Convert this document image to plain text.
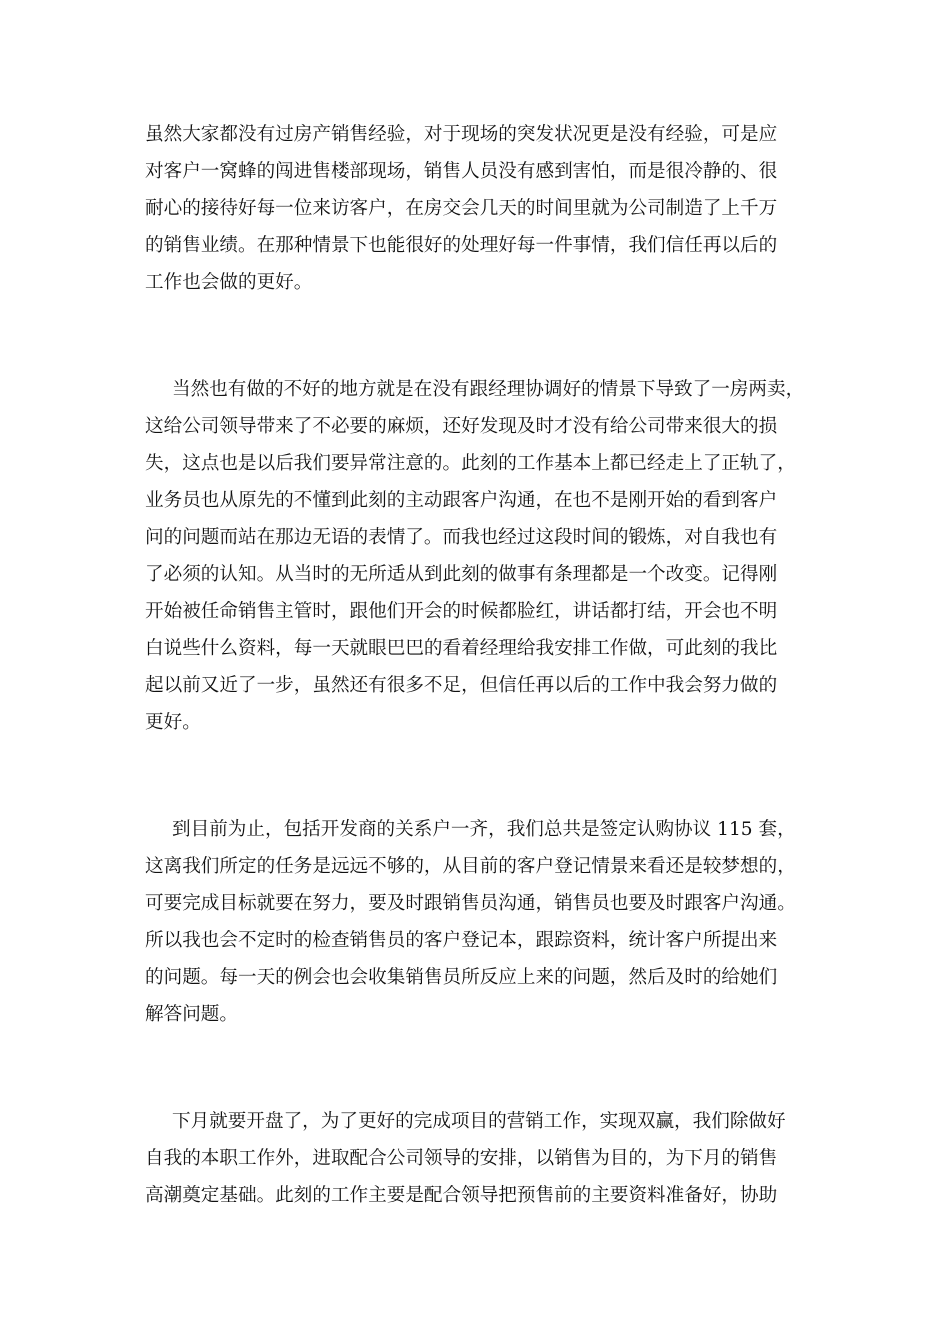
虽然大家都没有过房产销售经验，对于现场的突发状况更是没有经验，可是应

对客户一窝蜂的闯进售楼部现场，销售人员没有感到害怕，而是很冷静的、很

耐心的接待好每一位来访客户，在房交会几天的时间里就为公司制造了上千万

的销售业绩。在那种情景下也能很好的处理好每一件事情，我们信任再以后的

工作也会做的更好。

当然也有做的不好的地方就是在没有跟经理协调好的情景下导致了一房两卖，

这给公司领导带来了不必要的麻烦，还好发现及时才没有给公司带来很大的损

失，这点也是以后我们要异常注意的。此刻的工作基本上都已经走上了正轨了，

业务员也从原先的不懂到此刻的主动跟客户沟通，在也不是刚开始的看到客户

问的问题而站在那边无语的表情了。而我也经过这段时间的锻炼，对自我也有

了必须的认知。从当时的无所适从到此刻的做事有条理都是一个改变。记得刚

开始被任命销售主管时，跟他们开会的时候都脸红，讲话都打结，开会也不明

白说些什么资料，每一天就眼巴巴的看着经理给我安排工作做，可此刻的我比

起以前又近了一步，虽然还有很多不足，但信任再以后的工作中我会努力做的

更好。

到目前为止，包括开发商的关系户一齐，我们总共是签定认购协议 115 套，

这离我们所定的任务是远远不够的，从目前的客户登记情景来看还是较梦想的，

可要完成目标就要在努力，要及时跟销售员沟通，销售员也要及时跟客户沟通。

所以我也会不定时的检查销售员的客户登记本，跟踪资料，统计客户所提出来

的问题。每一天的例会也会收集销售员所反应上来的问题，然后及时的给她们

解答问题。

下月就要开盘了，为了更好的完成项目的营销工作，实现双赢，我们除做好

自我的本职工作外，进取配合公司领导的安排，以销售为目的，为下月的销售

高潮奠定基础。此刻的工作主要是配合领导把预售前的主要资料准备好，协助
